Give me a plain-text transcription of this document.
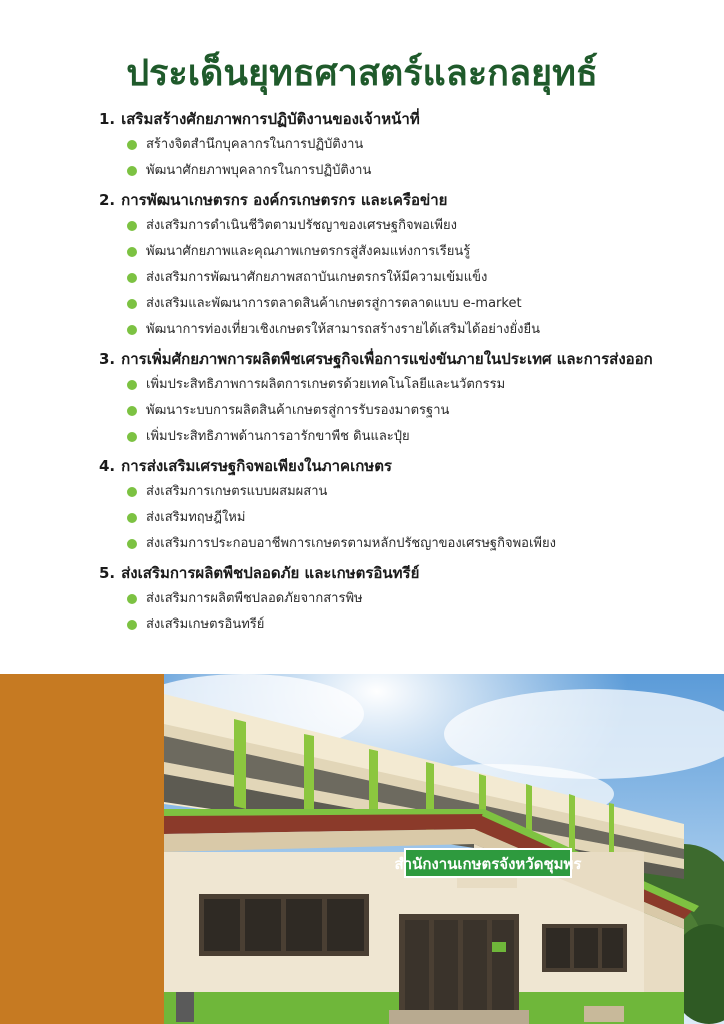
ประเด็นยุทธศาสตร์และกลยุทธ์
1. เสริมสร้างศักยภาพการปฏิบัติงานของเจ้าหน้าที่
สร้างจิตสำนึกบุคลากรในการปฏิบัติงาน
พัฒนาศักยภาพบุคลากรในการปฏิบัติงาน
2. การพัฒนาเกษตรกร องค์กรเกษตรกร และเครือข่าย
ส่งเสริมการดำเนินชีวิตตามปรัชญาของเศรษฐกิจพอเพียง
พัฒนาศักยภาพและคุณภาพเกษตรกรสู่สังคมแห่งการเรียนรู้
ส่งเสริมการพัฒนาศักยภาพสถาบันเกษตรกรให้มีความเข้มแข็ง
ส่งเสริมและพัฒนาการตลาดสินค้าเกษตรสู่การตลาดแบบ e-market
พัฒนาการท่องเที่ยวเชิงเกษตรให้สามารถสร้างรายได้เสริมได้อย่างยั่งยืน
3. การเพิ่มศักยภาพการผลิตพืชเศรษฐกิจเพื่อการแข่งขันภายในประเทศ และการส่งออก
เพิ่มประสิทธิภาพการผลิตการเกษตรด้วยเทคโนโลยีและนวัตกรรม
พัฒนาระบบการผลิตสินค้าเกษตรสู่การรับรองมาตรฐาน
เพิ่มประสิทธิภาพด้านการอารักขาพืช ดินและปุ๋ย
4. การส่งเสริมเศรษฐกิจพอเพียงในภาคเกษตร
ส่งเสริมการเกษตรแบบผสมผสาน
ส่งเสริมทฤษฎีใหม่
ส่งเสริมการประกอบอาชีพการเกษตรตามหลักปรัชญาของเศรษฐกิจพอเพียง
5. ส่งเสริมการผลิตพืชปลอดภัย และเกษตรอินทรีย์
ส่งเสริมการผลิตพืชปลอดภัยจากสารพิษ
ส่งเสริมเกษตรอินทรีย์
สำนักงานเกษตรจังหวัดชุมพร
